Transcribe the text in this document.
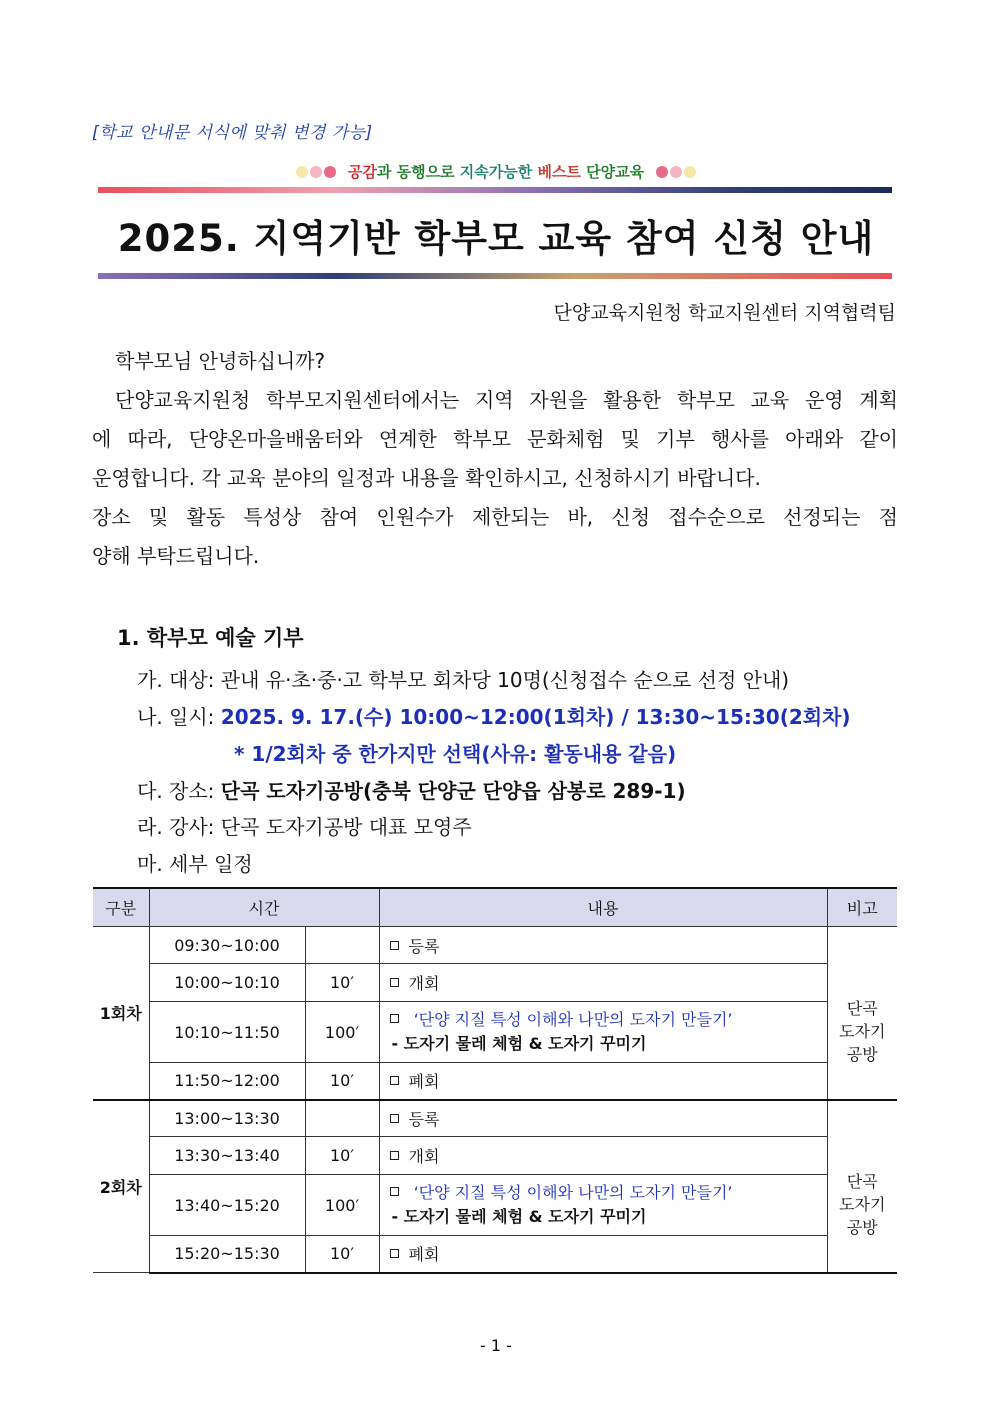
[학교 안내문 서식에 맞춰 변경 가능]
공감과 동행으로 지속가능한 베스트 단양교육
2025. 지역기반 학부모 교육 참여 신청 안내
단양교육지원청 학교지원센터 지역협력팀
학부모님 안녕하십니까?
단양교육지원청 학부모지원센터에서는 지역 자원을 활용한 학부모 교육 운영 계획
에 따라, 단양온마을배움터와 연계한 학부모 문화체험 및 기부 행사를 아래와 같이
운영합니다. 각 교육 분야의 일정과 내용을 확인하시고, 신청하시기 바랍니다.
장소 및 활동 특성상 참여 인원수가 제한되는 바, 신청 접수순으로 선정되는 점
양해 부탁드립니다.
1. 학부모 예술 기부
가. 대상: 관내 유·초·중·고 학부모 회차당 10명(신청접수 순으로 선정 안내)
나. 일시: 2025. 9. 17.(수) 10:00~12:00(1회차) / 13:30~15:30(2회차)
* 1/2회차 중 한가지만 선택(사유: 활동내용 같음)
다. 장소: 단곡 도자기공방(충북 단양군 단양읍 삼봉로 289-1)
라. 강사: 단곡 도자기공방 대표 모영주
마. 세부 일정
구분	시간		내용	비고
1회차	09:30~10:00		등록	
	10:00~10:10	10′	개회	단곡
도자기
공방

	10:10~11:50	100′	‘단양 지질 특성 이해와 나만의 도자기 만들기’
- 도자기 물레 체험 & 도자기 꾸미기	

	11:50~12:00	10′	폐회	
2회차	13:00~13:30		등록	
	13:30~13:40	10′	개회	단곡
도자기
공방

	13:40~15:20	100′	‘단양 지질 특성 이해와 나만의 도자기 만들기’
- 도자기 물레 체험 & 도자기 꾸미기	

	15:20~15:30	10′	폐회	
- 1 -
